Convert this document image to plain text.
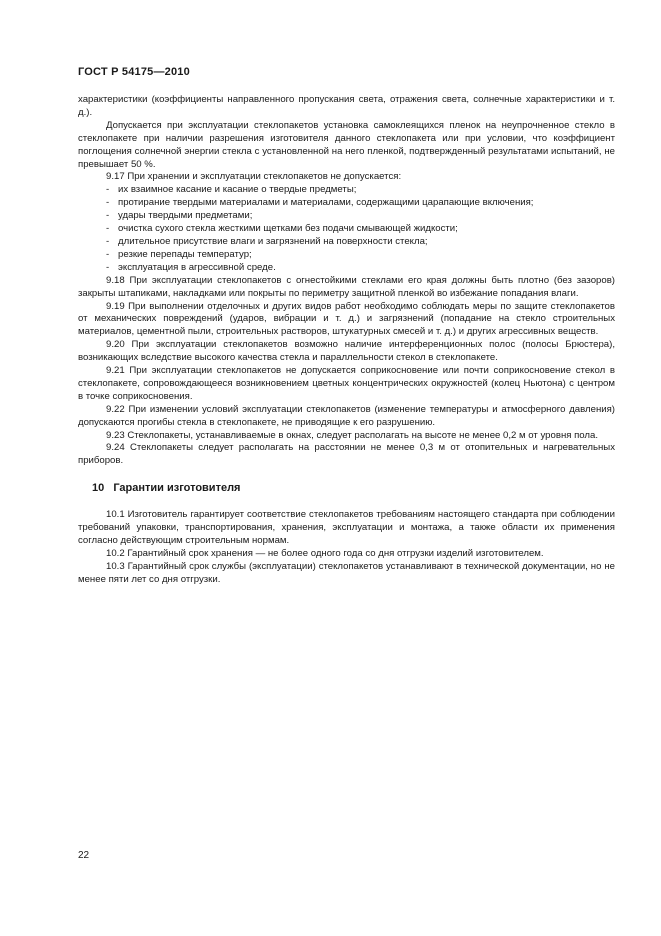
ГОСТ Р 54175—2010

характеристики (коэффициенты направленного пропускания света, отражения света, солнечные характеристики и т. д.).

Допускается при эксплуатации стеклопакетов установка самоклеящихся пленок на неупрочненное стекло в стеклопакете при наличии разрешения изготовителя данного стеклопакета или при условии, что коэффициент поглощения солнечной энергии стекла с установленной на него пленкой, подтвержденный результатами испытаний, не превышает 50 %.

9.17 При хранении и эксплуатации стеклопакетов не допускается:

- их взаимное касание и касание о твердые предметы;

- протирание твердыми материалами и материалами, содержащими царапающие включения;

- удары твердыми предметами;

- очистка сухого стекла жесткими щетками без подачи смывающей жидкости;

- длительное присутствие влаги и загрязнений на поверхности стекла;

- резкие перепады температур;

- эксплуатация в агрессивной среде.

9.18 При эксплуатации стеклопакетов с огнестойкими стеклами его края должны быть плотно (без зазоров) закрыты штапиками, накладками или покрыты по периметру защитной пленкой во избежание попадания влаги.

9.19 При выполнении отделочных и других видов работ необходимо соблюдать меры по защите стеклопакетов от механических повреждений (ударов, вибрации и т. д.) и загрязнений (попадание на стекло строительных материалов, цементной пыли, строительных растворов, штукатурных смесей и т. д.) и других агрессивных веществ.

9.20 При эксплуатации стеклопакетов возможно наличие интерференционных полос (полосы Брюстера), возникающих вследствие высокого качества стекла и параллельности стекол в стеклопакете.

9.21 При эксплуатации стеклопакетов не допускается соприкосновение или почти соприкосновение стекол в стеклопакете, сопровождающееся возникновением цветных концентрических окружностей (колец Ньютона) с центром в точке соприкосновения.

9.22 При изменении условий эксплуатации стеклопакетов (изменение температуры и атмосферного давления) допускаются прогибы стекла в стеклопакете, не приводящие к его разрушению.

9.23 Стеклопакеты, устанавливаемые в окнах, следует располагать на высоте не менее 0,2 м от уровня пола.

9.24 Стеклопакеты следует располагать на расстоянии не менее 0,3 м от отопительных и нагревательных приборов.

10 Гарантии изготовителя

10.1 Изготовитель гарантирует соответствие стеклопакетов требованиям настоящего стандарта при соблюдении требований упаковки, транспортирования, хранения, эксплуатации и монтажа, а также области их применения согласно действующим строительным нормам.

10.2 Гарантийный срок хранения — не более одного года со дня отгрузки изделий изготовителем.

10.3 Гарантийный срок службы (эксплуатации) стеклопакетов устанавливают в технической документации, но не менее пяти лет со дня отгрузки.

22
